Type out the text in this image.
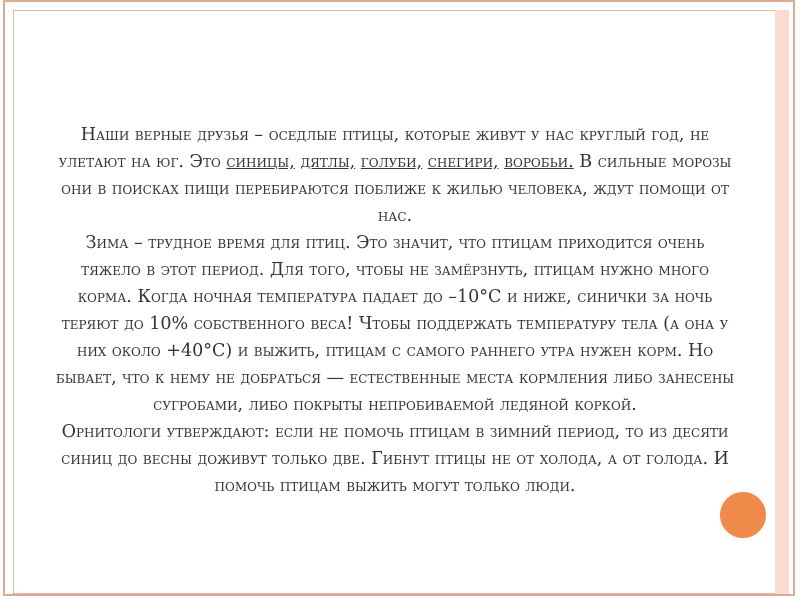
Наши верные друзья – оседлые птицы, которые живут у нас круглый год, не улетают на юг. Это синицы, дятлы, голуби, снегири, воробьи. В сильные морозы они в поисках пищи перебираются поближе к жилью человека, ждут помощи от нас.
Зима – трудное время для птиц. Это значит, что птицам приходится очень тяжело в этот период. Для того, чтобы не замёрзнуть, птицам нужно много корма. Когда ночная температура падает до –10°С и ниже, синички за ночь теряют до 10% собственного веса! Чтобы поддержать температуру тела (а она у них около +40°С) и выжить, птицам с самого раннего утра нужен корм. Но бывает, что к нему не добраться — естественные места кормления либо занесены сугробами, либо покрыты непробиваемой ледяной коркой.
Орнитологи утверждают: если не помочь птицам в зимний период, то из десяти синиц до весны доживут только две. Гибнут птицы не от холода, а от голода. И помочь птицам выжить могут только люди.
